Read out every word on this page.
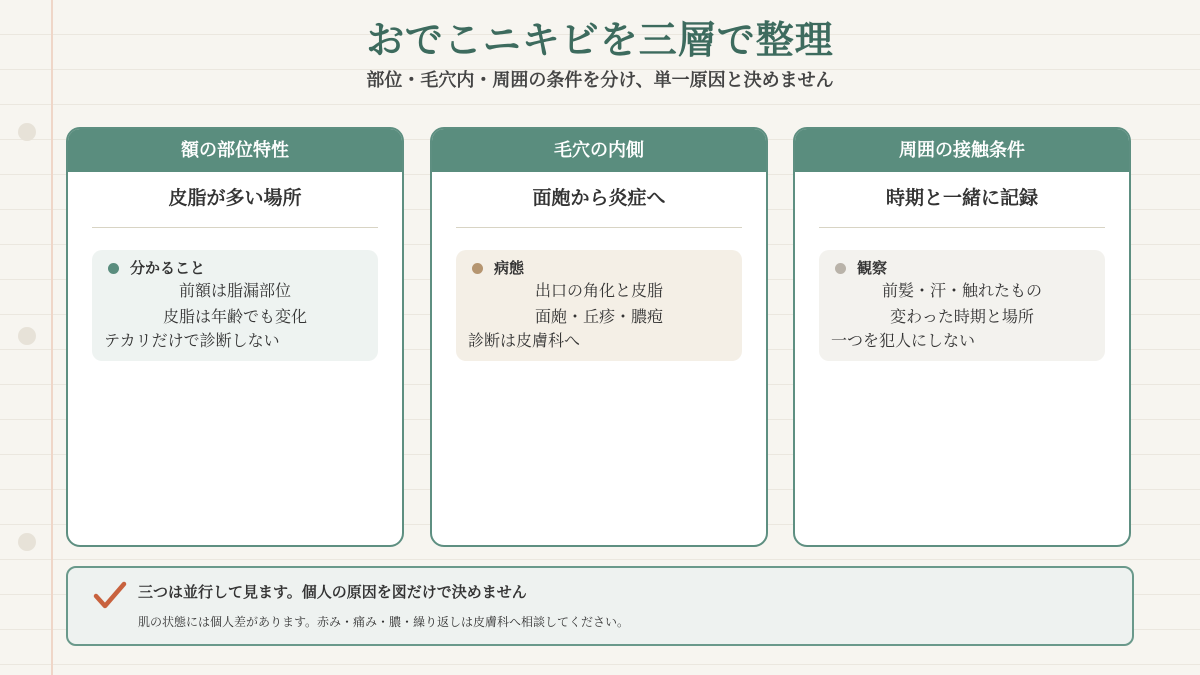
おでこニキビを三層で整理
部位・毛穴内・周囲の条件を分け、単一原因と決めません
額の部位特性
皮脂が多い場所
分かること
前額は脂漏部位
皮脂は年齢でも変化
テカリだけで診断しない
毛穴の内側
面皰から炎症へ
病態
出口の角化と皮脂
面皰・丘疹・膿疱
診断は皮膚科へ
周囲の接触条件
時期と一緒に記録
観察
前髪・汗・触れたもの
変わった時期と場所
一つを犯人にしない
三つは並行して見ます。個人の原因を図だけで決めません
肌の状態には個人差があります。赤み・痛み・膿・繰り返しは皮膚科へ相談してください。
